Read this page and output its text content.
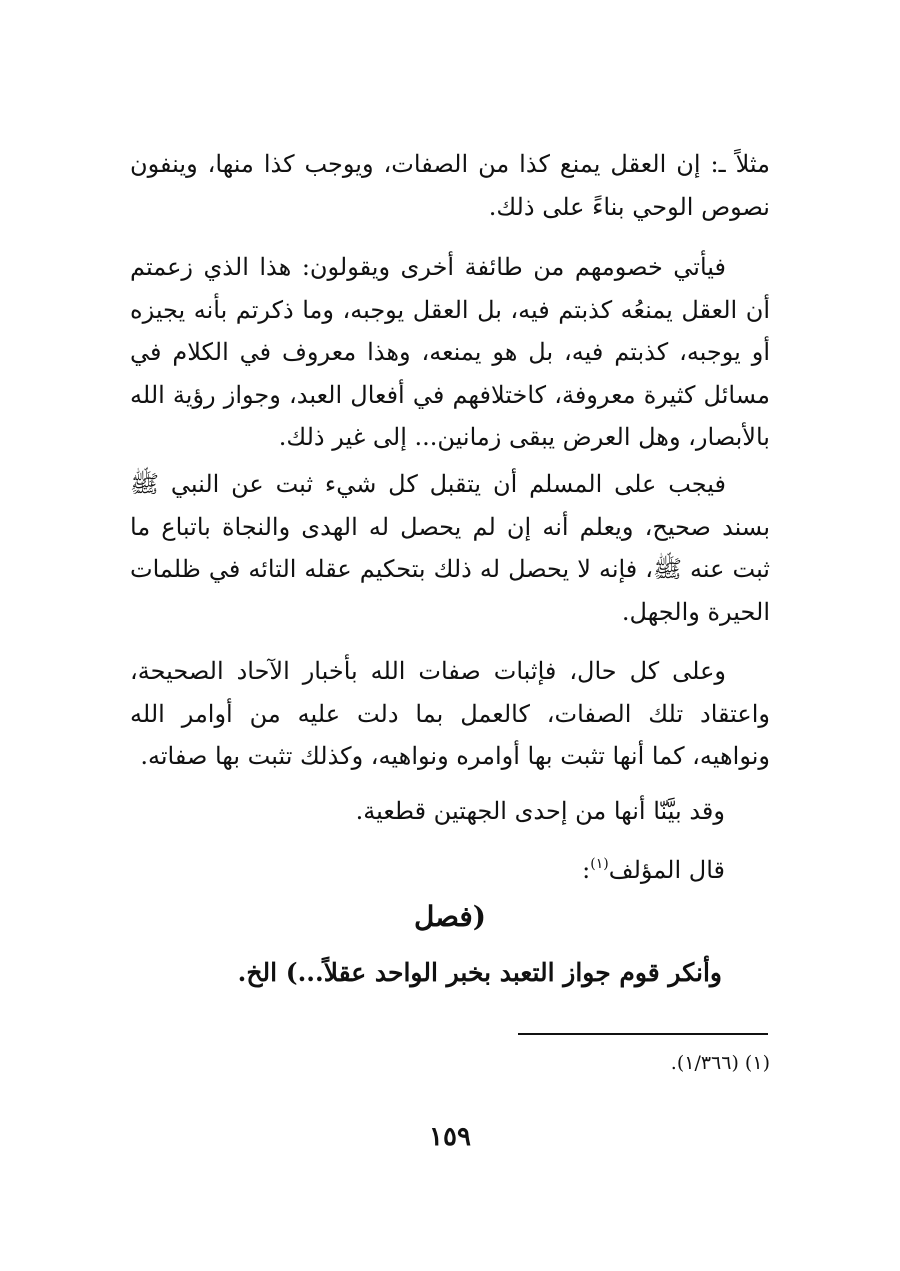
مثلاً ـ: إن العقل يمنع كذا من الصفات، ويوجب كذا منها، وينفون نصوص الوحي بناءً على ذلك.

فيأتي خصومهم من طائفة أخرى ويقولون: هذا الذي زعمتم أن العقل يمنعُه كذبتم فيه، بل العقل يوجبه، وما ذكرتم بأنه يجيزه أو يوجبه، كذبتم فيه، بل هو يمنعه، وهذا معروف في الكلام في مسائل كثيرة معروفة، كاختلافهم في أفعال العبد، وجواز رؤية الله بالأبصار، وهل العرض يبقى زمانين... إلى غير ذلك.

فيجب على المسلم أن يتقبل كل شيء ثبت عن النبي ﷺ بسند صحيح، ويعلم أنه إن لم يحصل له الهدى والنجاة باتباع ما ثبت عنه ﷺ، فإنه لا يحصل له ذلك بتحكيم عقله التائه في ظلمات الحيرة والجهل.

وعلى كل حال، فإثبات صفات الله بأخبار الآحاد الصحيحة، واعتقاد تلك الصفات، كالعمل بما دلت عليه من أوامر الله ونواهيه، كما أنها تثبت بها أوامره ونواهيه، وكذلك تثبت بها صفاته.

وقد بيَّنّا أنها من إحدى الجهتين قطعية.
قال المؤلف$^{(١)}$:
(فصل
وأنكر قوم جواز التعبد بخبر الواحد عقلاً...) الخ.
(١) (١/٣٦٦).
١٥٩
